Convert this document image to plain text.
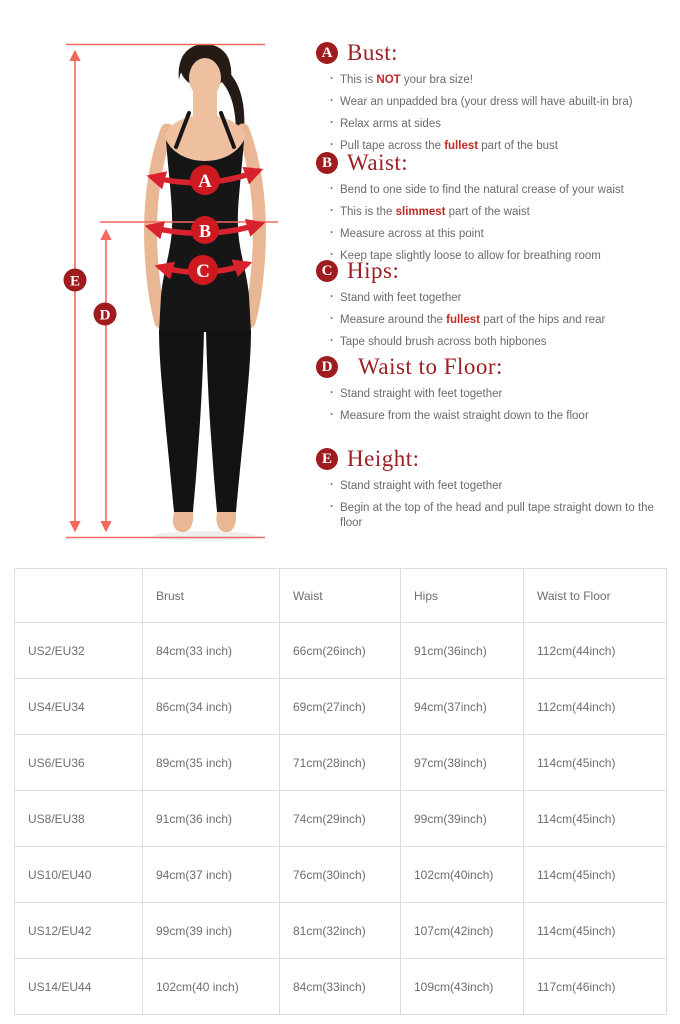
A
B
C
D
E
A Bust:
· This is NOT your bra size!
· Wear an unpadded bra (your dress will have abuilt-in bra)
· Relax arms at sides
· Pull tape across the fullest part of the bust
B Waist:
· Bend to one side to find the natural crease of your waist
· This is the slimmest part of the waist
· Measure across at this point
· Keep tape slightly loose to allow for breathing room
C Hips:
· Stand with feet together
· Measure around the fullest part of the hips and rear
· Tape should brush across both hipbones
D Waist to Floor:
· Stand straight with feet together
· Measure from the waist straight down to the floor
E Height:
· Stand straight with feet together
· Begin at the top of the head and pull tape straight down to the floor
	Brust	Waist	Hips	Waist to Floor
US2/EU32	84cm(33 inch)	66cm(26inch)	91cm(36inch)	112cm(44inch)
US4/EU34	86cm(34 inch)	69cm(27inch)	94cm(37inch)	112cm(44inch)
US6/EU36	89cm(35 inch)	71cm(28inch)	97cm(38inch)	114cm(45inch)
US8/EU38	91cm(36 inch)	74cm(29inch)	99cm(39inch)	114cm(45inch)
US10/EU40	94cm(37 inch)	76cm(30inch)	102cm(40inch)	114cm(45inch)
US12/EU42	99cm(39 inch)	81cm(32inch)	107cm(42inch)	114cm(45inch)
US14/EU44	102cm(40 inch)	84cm(33inch)	109cm(43inch)	117cm(46inch)
